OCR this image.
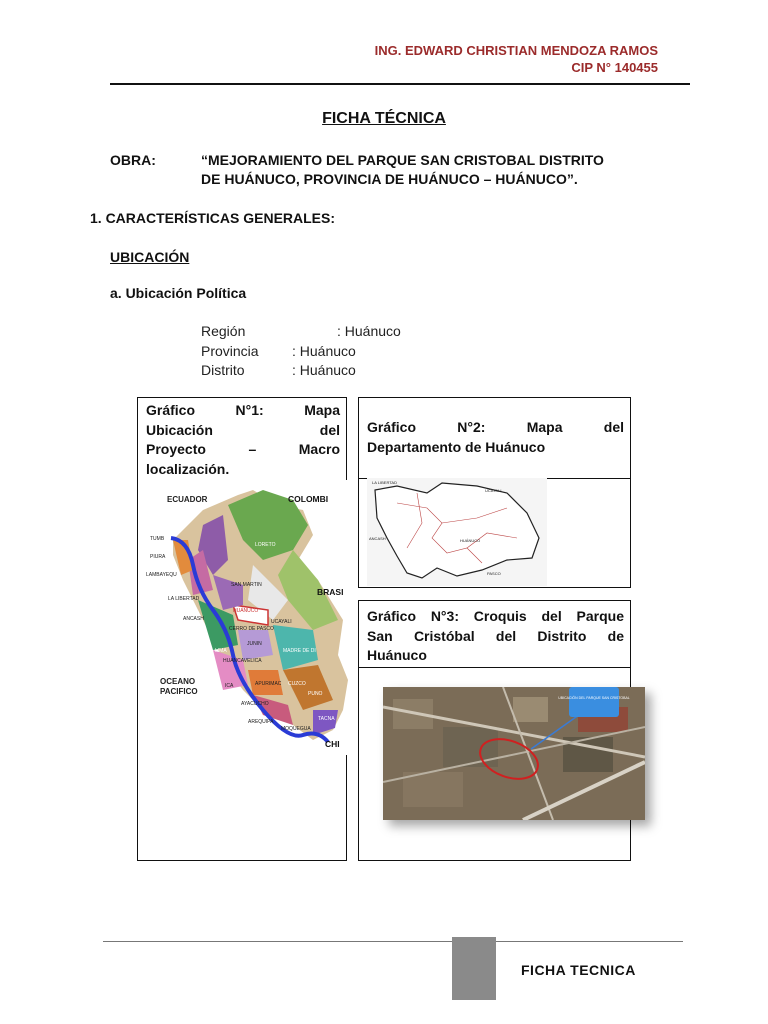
ING. EDWARD CHRISTIAN MENDOZA RAMOS
CIP N° 140455
FICHA TÉCNICA
OBRA:	“MEJORAMIENTO DEL PARQUE SAN CRISTOBAL DISTRITO
DE HUÁNUCO, PROVINCIA DE HUÁNUCO – HUÁNUCO”.
1. CARACTERÍSTICAS GENERALES:
UBICACIÓN
a. Ubicación Política
Región	: Huánuco
Provincia : Huánuco
Distrito	: Huánuco
Gráfico N°1: Mapa
Ubicación del
Proyecto – Macro
localización.
ECUADOR
LORETO
TUMB
PIURA
LAMBAYEQU
LA LIBERTAD
ANCASH
SAN MARTIN
HUÁNUCO
CERRO DE PASCO
UCAYALI
JUNIN
LIMA	MADRE DE DI
CUZCO
HUANCAVELICA
APURIMAC
ICA
AYACUCHO
PUNO
AREQUIPA
MOQUEGUA
TACNA
OCEANO
PACIFICO
COLOMBI
BRASI
CHI
Gráfico N°2: Mapa del
Departamento de Huánuco
HUÁNUCO
PASCO
UCAYALI
LA LIBERTAD
ANCASH
Gráfico N°3: Croquis del Parque
San Cristóbal del Distrito de
Huánuco
UBICACIÓN DEL PARQUE SAN CRISTOBAL
FICHA TECNICA
